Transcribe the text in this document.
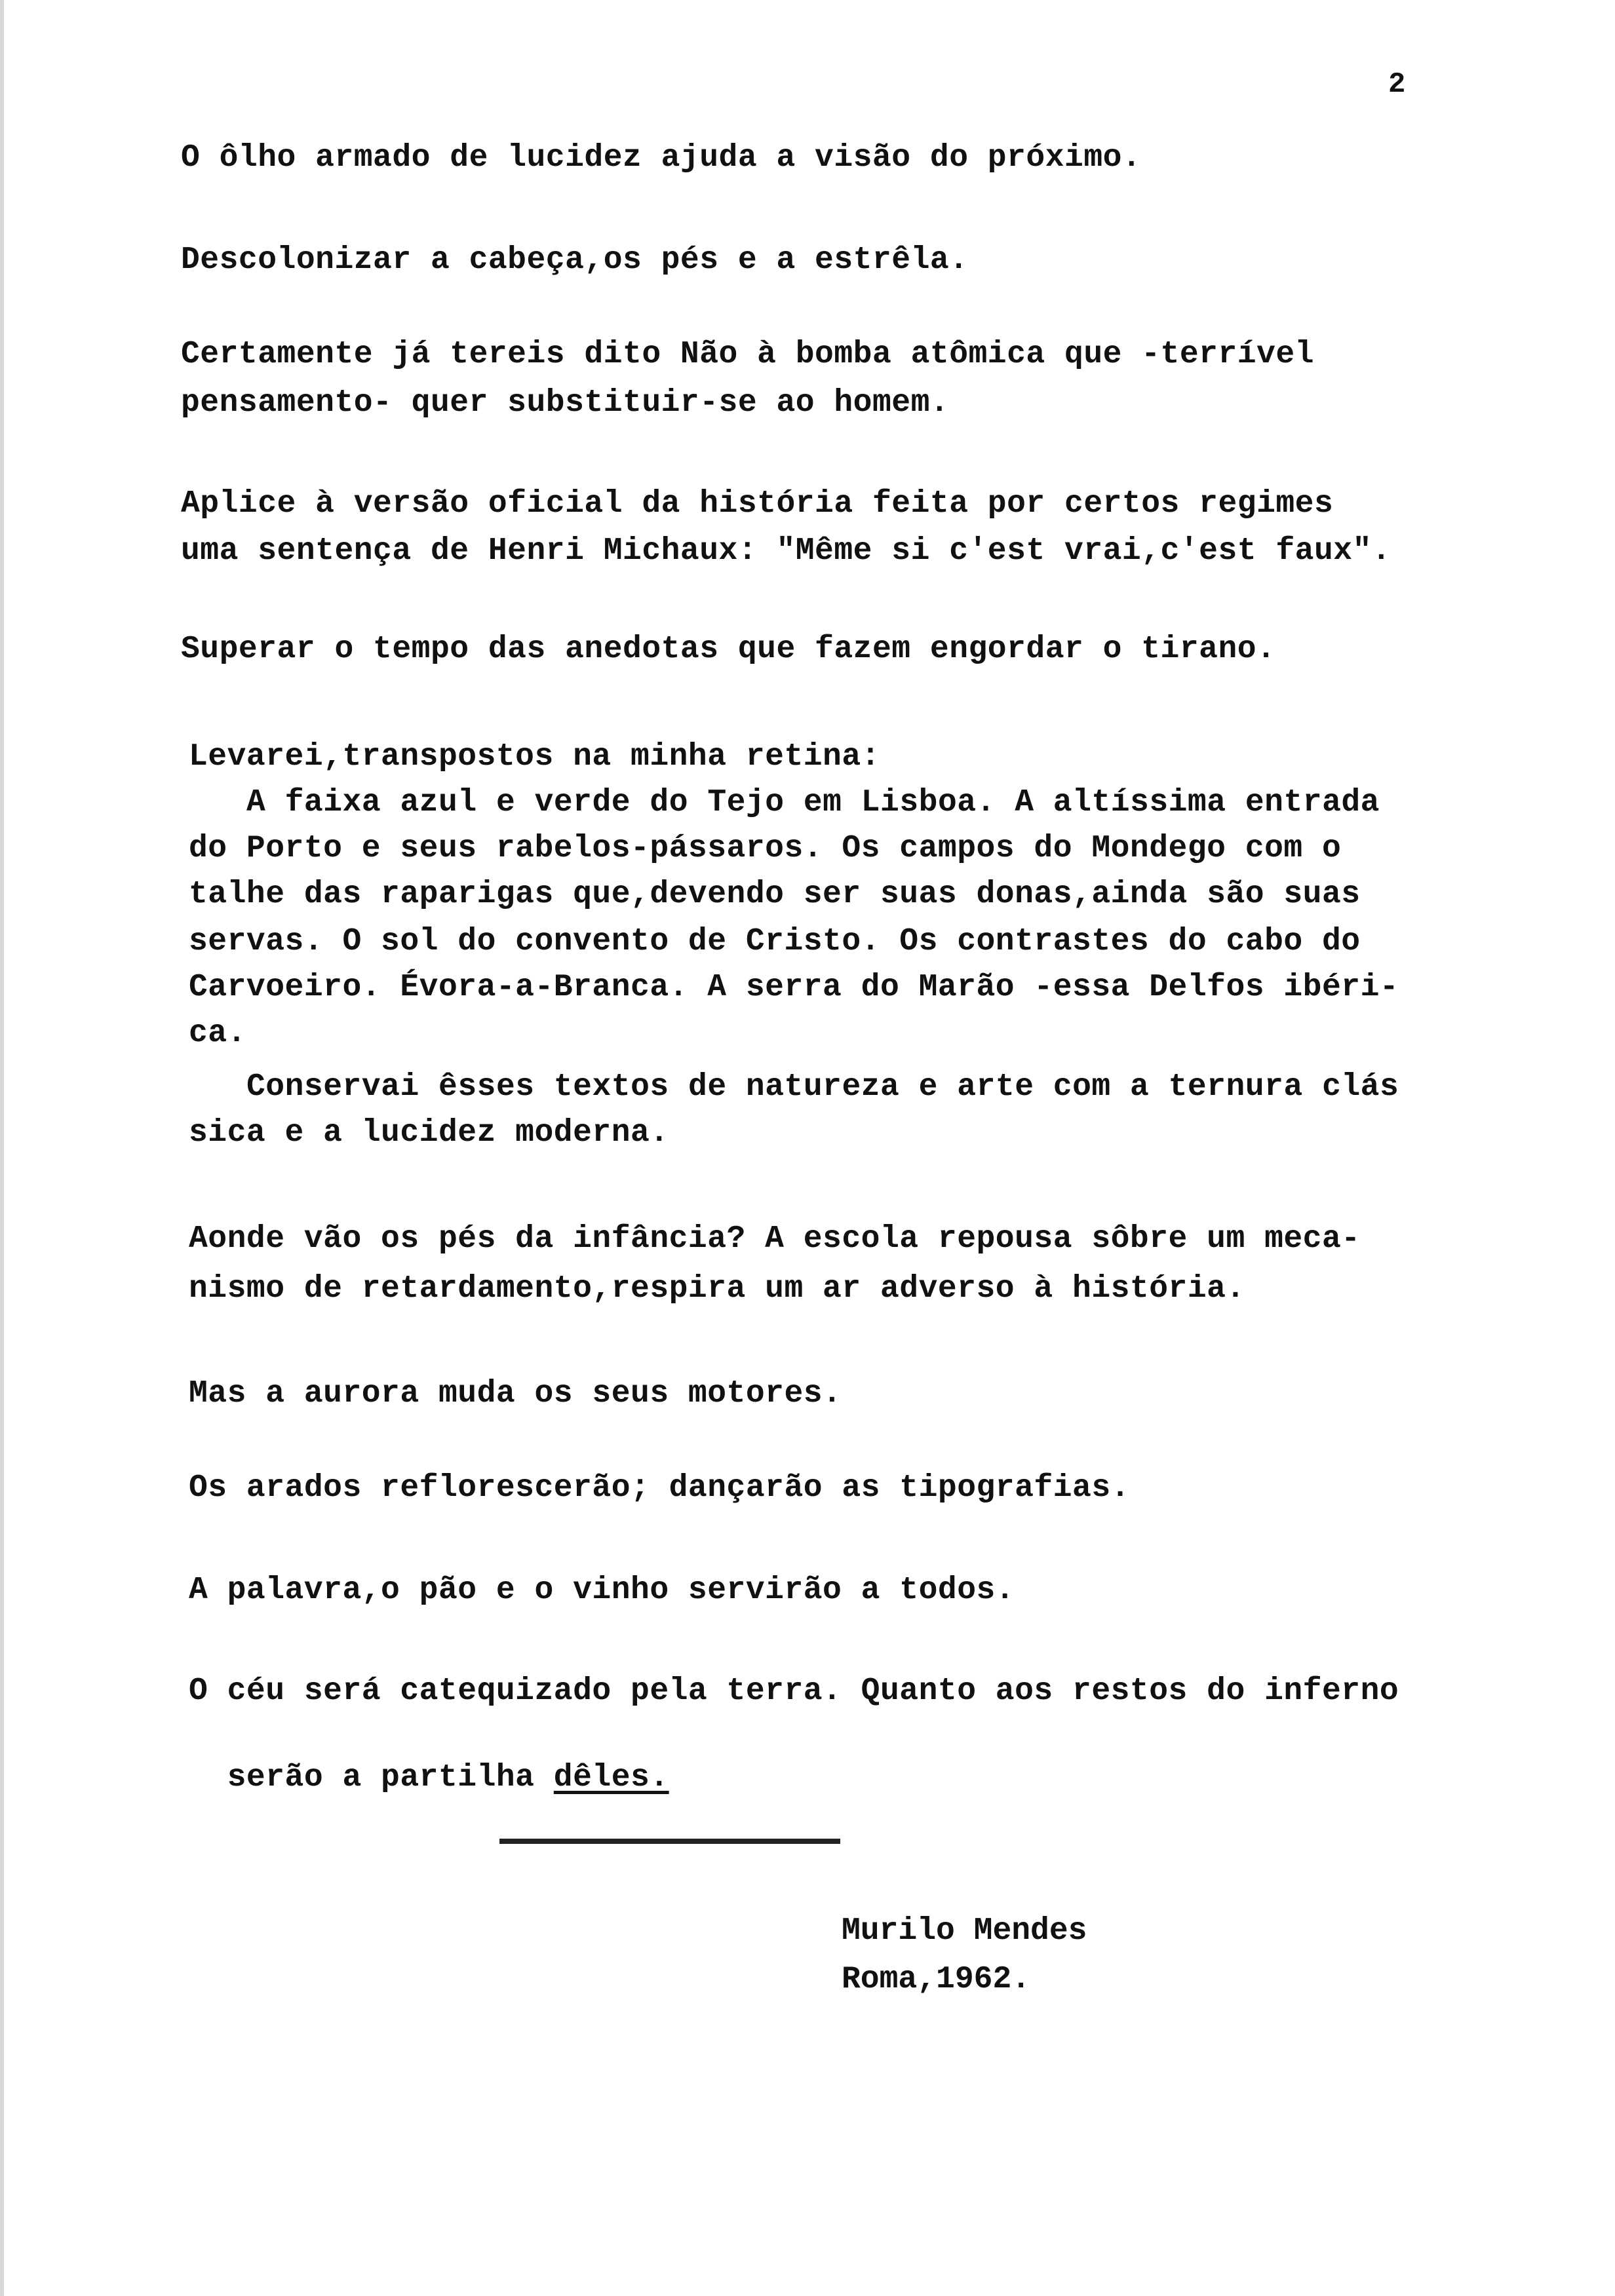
2
O ôlho armado de lucidez ajuda a visão do próximo.
Descolonizar a cabeça,os pés e a estrêla.
Certamente já tereis dito Não à bomba atômica que -terrível
pensamento- quer substituir-se ao homem.
Aplice à versão oficial da história feita por certos regimes
uma sentença de Henri Michaux: "Même si c'est vrai,c'est faux".
Superar o tempo das anedotas que fazem engordar o tirano.
Levarei,transpostos na minha retina:
A faixa azul e verde do Tejo em Lisboa. A altíssima entrada
do Porto e seus rabelos-pássaros. Os campos do Mondego com o
talhe das raparigas que,devendo ser suas donas,ainda são suas
servas. O sol do convento de Cristo. Os contrastes do cabo do
Carvoeiro. Évora-a-Branca. A serra do Marão -essa Delfos ibéri-
ca.
Conservai êsses textos de natureza e arte com a ternura clás
sica e a lucidez moderna.
Aonde vão os pés da infância? A escola repousa sôbre um meca-
nismo de retardamento,respira um ar adverso à história.
Mas a aurora muda os seus motores.
Os arados reflorescerão; dançarão as tipografias.
A palavra,o pão e o vinho servirão a todos.
O céu será catequizado pela terra. Quanto aos restos do inferno

serão a partilha dêles.

Murilo Mendes
Roma,1962.
